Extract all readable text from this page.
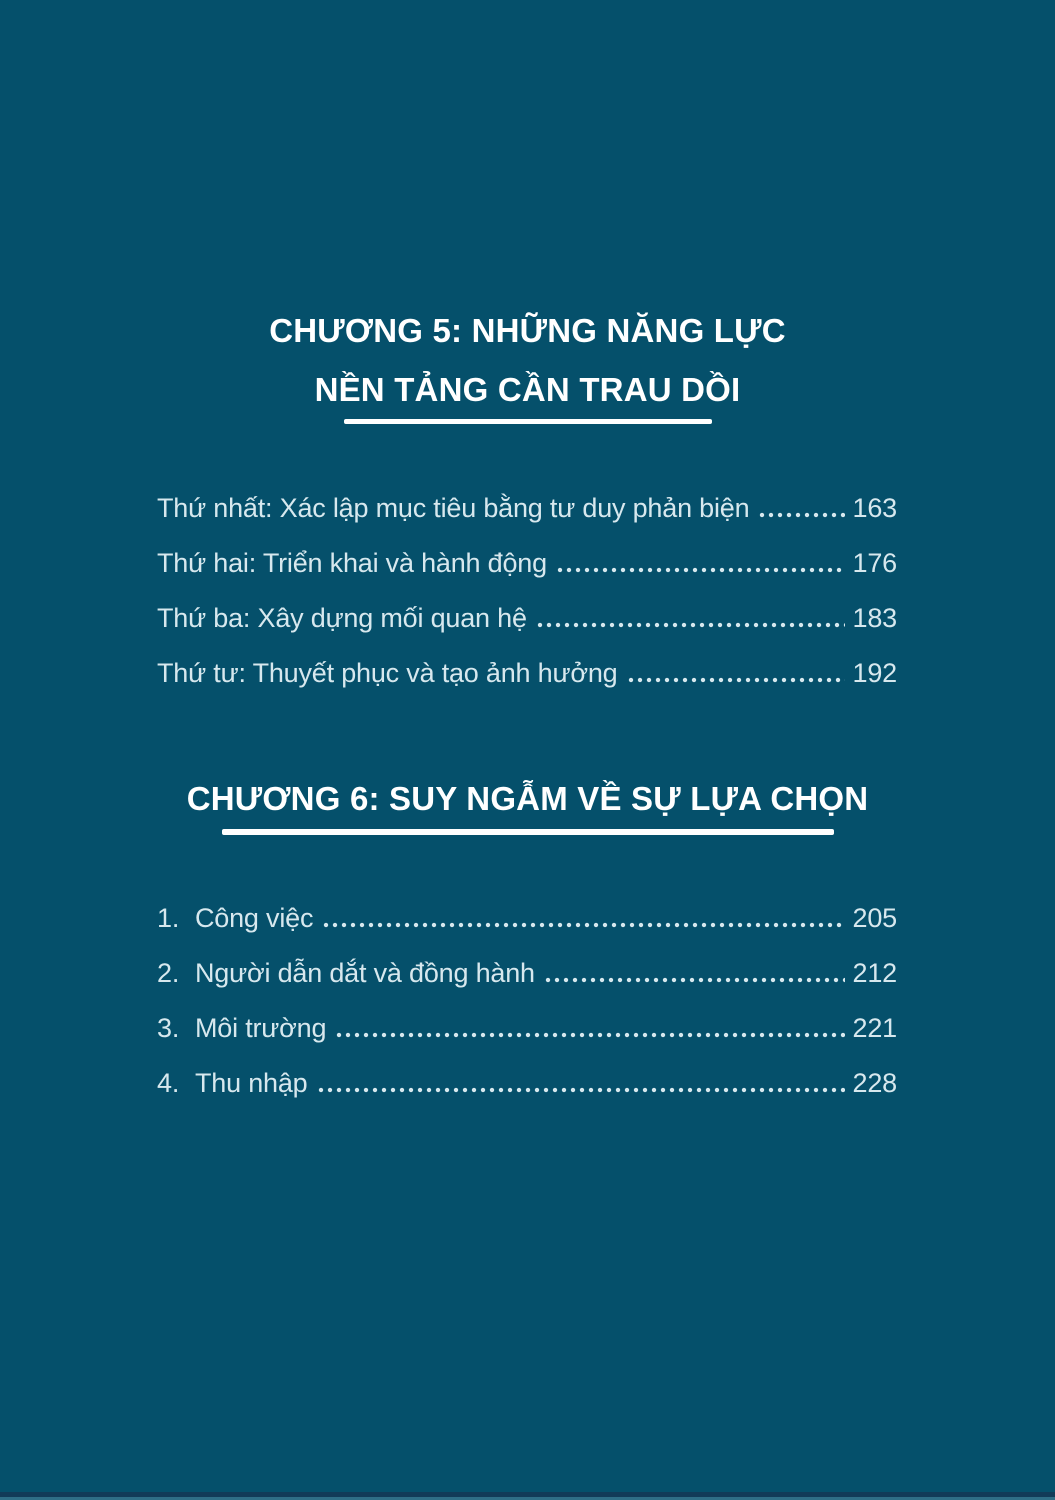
CHƯƠNG 5: NHỮNG NĂNG LỰC
NỀN TẢNG CẦN TRAU DỒI
Thứ nhất: Xác lập mục tiêu bằng tư duy phản biện	163
Thứ hai: Triển khai và hành động	176
Thứ ba: Xây dựng mối quan hệ	183
Thứ tư: Thuyết phục và tạo ảnh hưởng	192
CHƯƠNG 6: SUY NGẪM VỀ SỰ LỰA CHỌN
1. Công việc	205
2. Người dẫn dắt và đồng hành	212
3. Môi trường	221
4. Thu nhập	228
